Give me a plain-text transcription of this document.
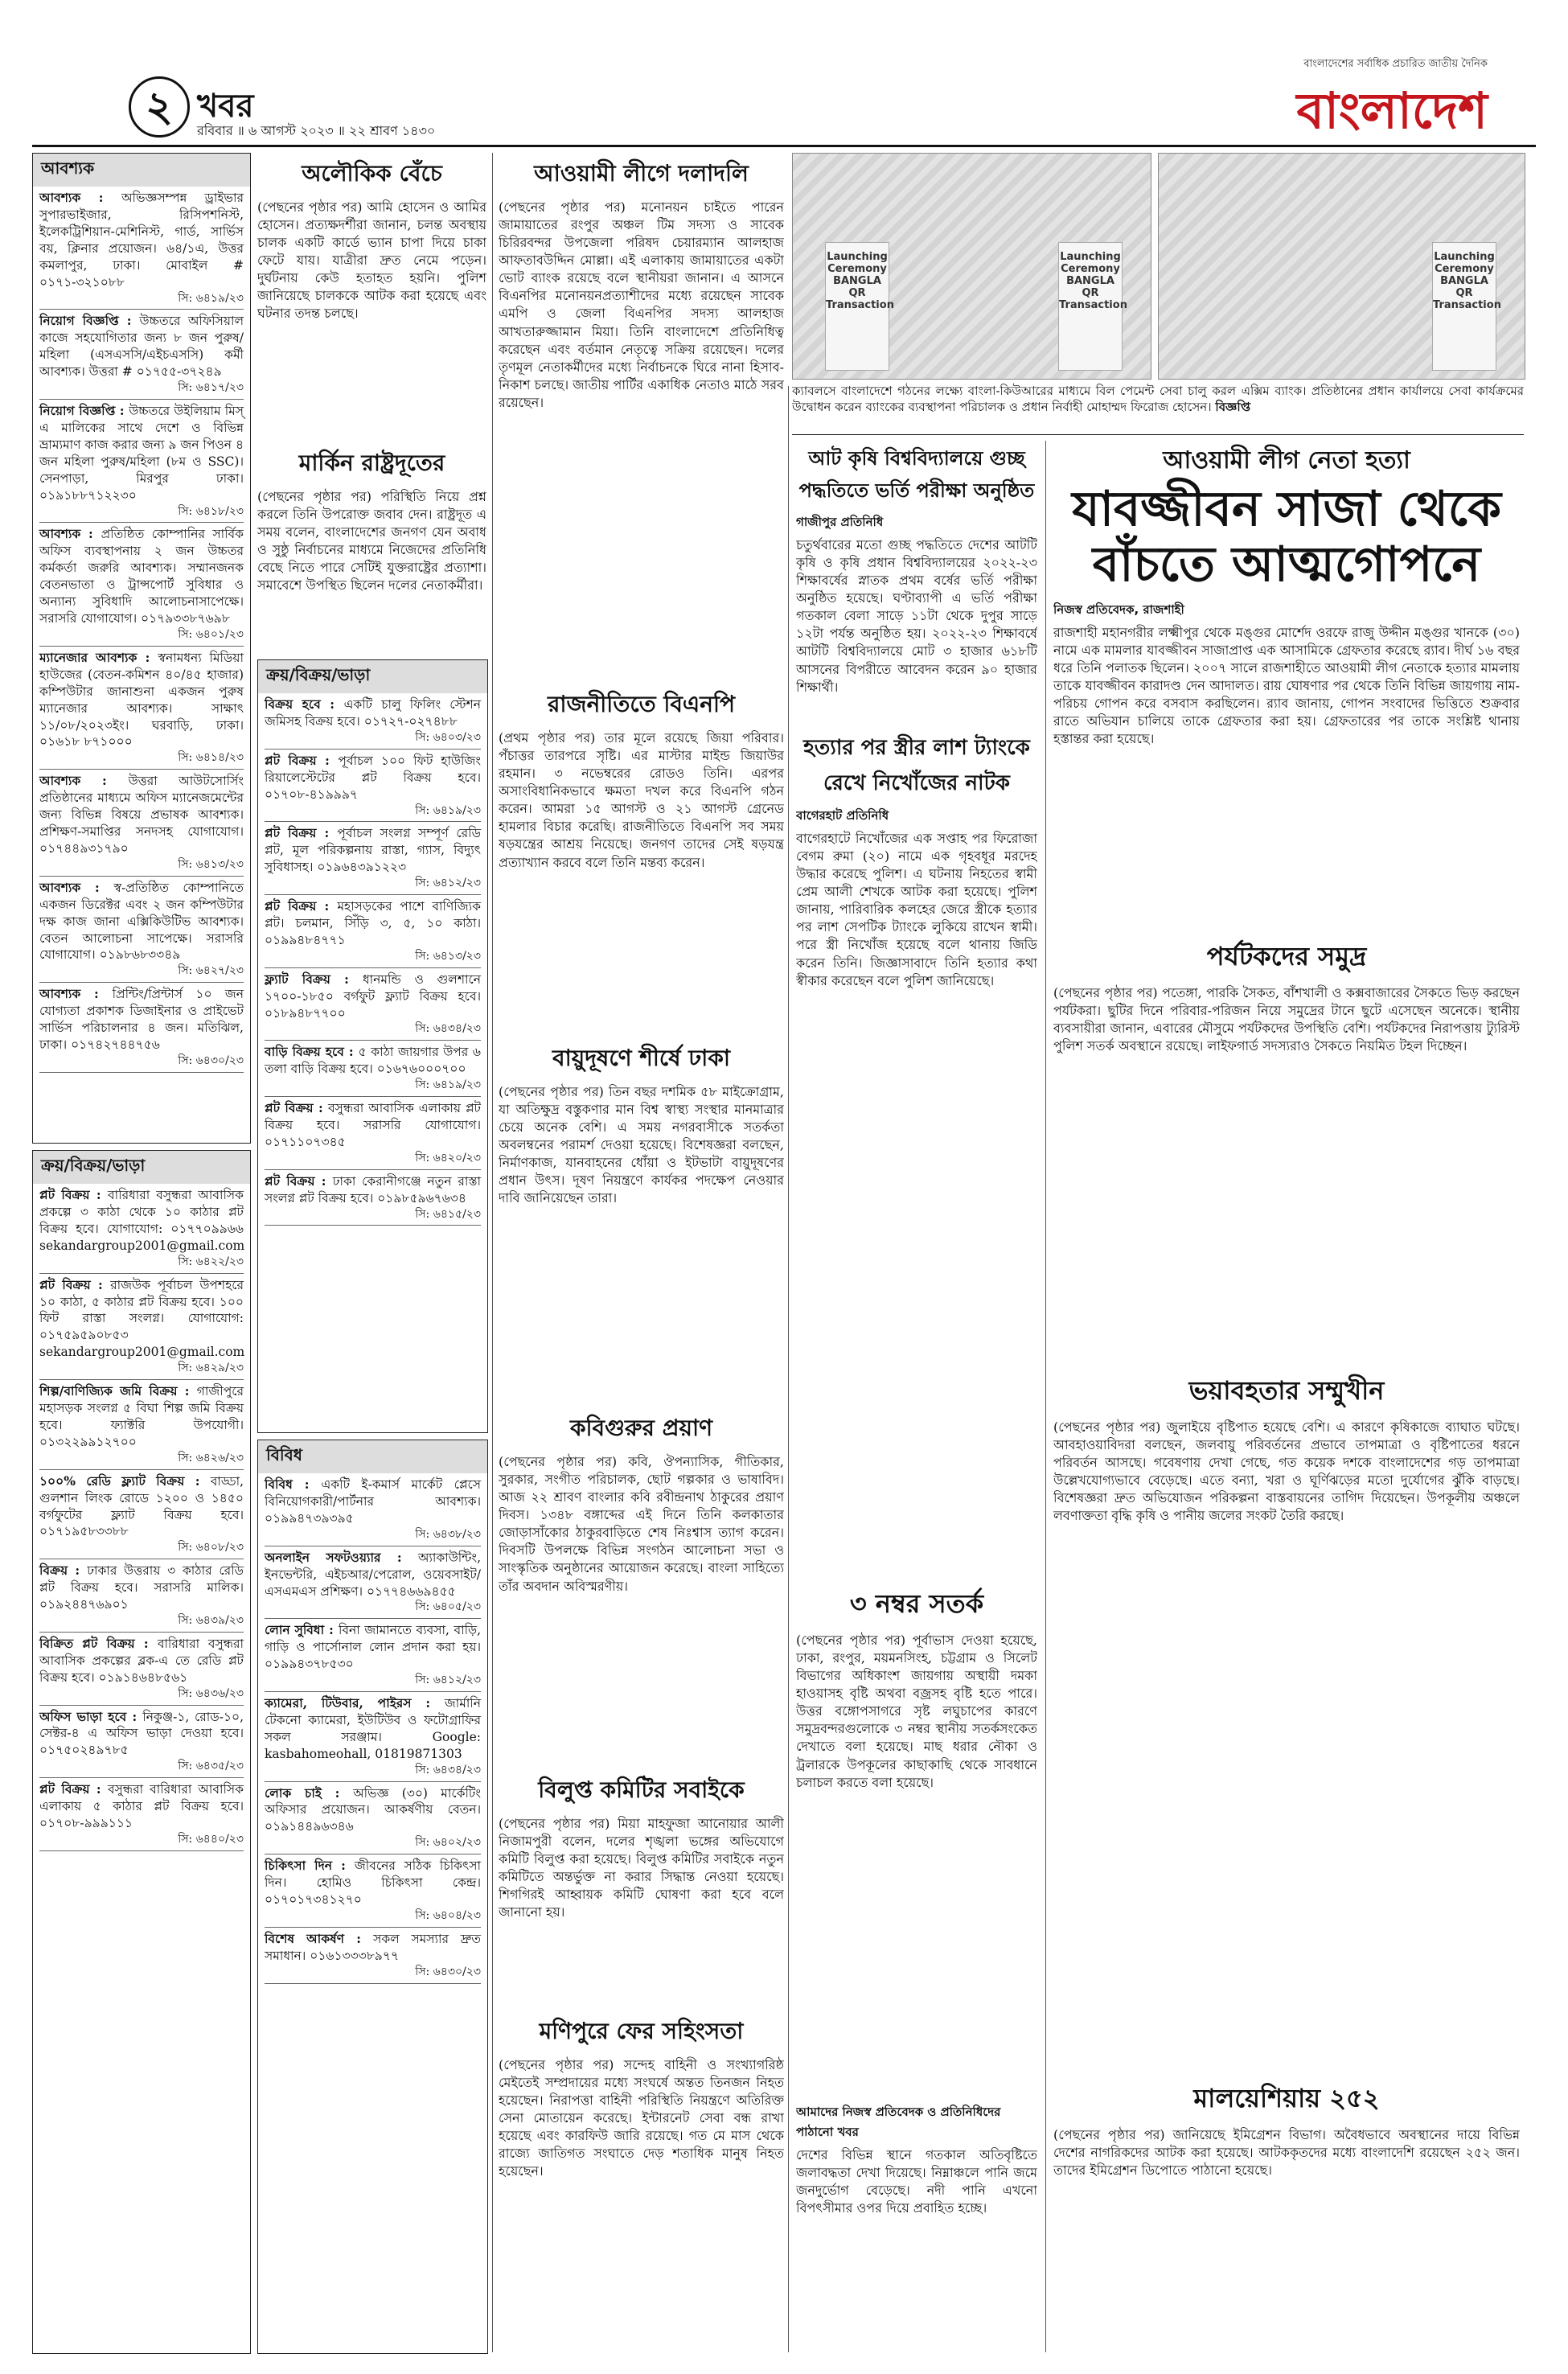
২ খবর
রবিবার ॥ ৬ আগস্ট ২০২৩ ॥ ২২ শ্রাবণ ১৪৩০
বাংলাদেশের সর্বাধিক প্রচারিত জাতীয় দৈনিক
বাংলাদেশ
আবশ্যক

আবশ্যক : অভিজ্ঞসম্পন্ন ড্রাইভার সুপারভাইজার, রিসিপশনিস্ট, ইলেকট্রিশিয়ান-মেশিনিস্ট, গার্ড, সার্ভিস বয়, ক্লিনার প্রয়োজন। ৬৪/১এ, উত্তর কমলাপুর, ঢাকা। মোবাইল # ০১৭১-৩২১০৮৮
সি: ৬৪১৯/২৩

নিয়োগ বিজ্ঞপ্তি : উচ্চতরে অফিসিয়াল কাজে সহযোগিতার জন্য ৮ জন পুরুষ/মহিলা (এসএসসি/এইচএসসি) কর্মী আবশ্যক। উত্তরা # ০১৭৫৫-৩৭২৪৯
সি: ৬৪১৭/২৩

নিয়োগ বিজ্ঞপ্তি : উচ্চতরে উইলিয়াম মিস্ এ মালিকের সাথে দেশে ও বিভিন্ন ভ্রাম্যমাণ কাজ করার জন্য ৯ জন পিওন ৪ জন মহিলা পুরুষ/মহিলা (৮ম ও SSC)। সেনপাড়া, মিরপুর ঢাকা। ০১৯১৮৮৭১২২৩০
সি: ৬৪১৮/২৩

আবশ্যক : প্রতিষ্ঠিত কোম্পানির সার্বিক অফিস ব্যবস্থাপনায় ২ জন উচ্চতর কর্মকর্তা জরুরি আবশ্যক। সম্মানজনক বেতনভাতা ও ট্রান্সপোর্ট সুবিধার ও অন্যান্য সুবিধাদি আলোচনাসাপেক্ষে। সরাসরি যোগাযোগ। ০১৭৯৩৩৮৭৬৯৮
সি: ৬৪০১/২৩

ম্যানেজার আবশ্যক : স্বনামধন্য মিডিয়া হাউজের (বেতন-কমিশন ৪০/৪৫ হাজার) কম্পিউটার জানাশুনা একজন পুরুষ ম্যানেজার আবশ্যক। সাক্ষাৎ ১১/০৮/২০২৩ইং। ঘরবাড়ি, ঢাকা। ০১৬১৮ ৮৭১০০০
সি: ৬৪১৪/২৩

আবশ্যক : উত্তরা আউটসোর্সিং প্রতিষ্ঠানের মাধ্যমে অফিস ম্যানেজমেন্টের জন্য বিভিন্ন বিষয়ে প্রভাষক আবশ্যক। প্রশিক্ষণ-সমাপ্তির সনদসহ যোগাযোগ। ০১৭৪৪৯৩১৭৯০
সি: ৬৪১৩/২৩

আবশ্যক : স্ব-প্রতিষ্ঠিত কোম্পানিতে একজন ডিরেক্টর এবং ২ জন কম্পিউটার দক্ষ কাজ জানা এক্সিকিউটিভ আবশ্যক। বেতন আলোচনা সাপেক্ষে। সরাসরি যোগাযোগ। ০১৯৮৬৮৩৩৪৯
সি: ৬৪২৭/২৩

আবশ্যক : প্রিন্টিং/প্রিন্টার্স ১০ জন যোগ্যতা প্রকাশক ডিজাইনার ও প্রাইভেট সার্ভিস পরিচালনার ৪ জন। মতিঝিল, ঢাকা। ০১৭৪২৭৪৪৭৫৬
সি: ৬৪৩০/২৩

ক্রয়/বিক্রয়/ভাড়া

প্লট বিক্রয় : বারিধারা বসুন্ধরা আবাসিক প্রকল্পে ৩ কাঠা থেকে ১০ কাঠার প্লট বিক্রয় হবে। যোগাযোগ: ০১৭৭০৯৯৬৬ sekandargroup2001@gmail.com
সি: ৬৪২২/২৩

প্লট বিক্রয় : রাজউক পূর্বাচল উপশহরে ১০ কাঠা, ৫ কাঠার প্লট বিক্রয় হবে। ১০০ ফিট রাস্তা সংলগ্ন। যোগাযোগ: ০১৭৫৯৫৯০৮৫৩ sekandargroup2001@gmail.com
সি: ৬৪২৯/২৩

শিল্প/বাণিজ্যিক জমি বিক্রয় : গাজীপুরে মহাসড়ক সংলগ্ন ৫ বিঘা শিল্প জমি বিক্রয় হবে। ফ্যাক্টরি উপযোগী। ০১৩২২৯৯১২৭০০
সি: ৬৪২৬/২৩

১০০% রেডি ফ্ল্যাট বিক্রয় : বাড্ডা, গুলশান লিংক রোডে ১২০০ ও ১৪৫০ বর্গফুটের ফ্ল্যাট বিক্রয় হবে। ০১৭১৯৫৮৩৩৮৮
সি: ৬৪০৮/২৩

বিক্রয় : ঢাকার উত্তরায় ৩ কাঠার রেডি প্লট বিক্রয় হবে। সরাসরি মালিক। ০১৯২৪৪৭৬৯০১
সি: ৬৪৩৯/২৩

বিক্রিত প্লট বিক্রয় : বারিধারা বসুন্ধরা আবাসিক প্রকল্পের ব্লক-এ তে রেডি প্লট বিক্রয় হবে। ০১৯১৪৬৪৮৫৬১
সি: ৬৪৩৬/২৩

অফিস ভাড়া হবে : নিকুঞ্জ-১, রোড-১০, সেক্টর-৪ এ অফিস ভাড়া দেওয়া হবে। ০১৭৫০২৪৯৭৮৫
সি: ৬৪৩৫/২৩

প্লট বিক্রয় : বসুন্ধরা বারিধারা আবাসিক এলাকায় ৫ কাঠার প্লট বিক্রয় হবে। ০১৭০৮-৯৯৯১১১
সি: ৬৪৪০/২৩

অলৌকিক বেঁচে
(পেছনের পৃষ্ঠার পর) আমি হোসেন ও আমির হোসেন। প্রত্যক্ষদর্শীরা জানান, চলন্ত অবস্থায় চালক একটি কার্ডে ভ্যান চাপা দিয়ে চাকা ফেটে যায়। যাত্রীরা দ্রুত নেমে পড়েন। দুর্ঘটনায় কেউ হতাহত হয়নি। পুলিশ জানিয়েছে চালককে আটক করা হয়েছে এবং ঘটনার তদন্ত চলছে।
মার্কিন রাষ্ট্রদূতের
(পেছনের পৃষ্ঠার পর) পরিস্থিতি নিয়ে প্রশ্ন করলে তিনি উপরোক্ত জবাব দেন। রাষ্ট্রদূত এ সময় বলেন, বাংলাদেশের জনগণ যেন অবাধ ও সুষ্ঠু নির্বাচনের মাধ্যমে নিজেদের প্রতিনিধি বেছে নিতে পারে সেটিই যুক্তরাষ্ট্রের প্রত্যাশা। সমাবেশে উপস্থিত ছিলেন দলের নেতাকর্মীরা।
ক্রয়/বিক্রয়/ভাড়া

বিক্রয় হবে : একটি চালু ফিলিং স্টেশন জমিসহ বিক্রয় হবে। ০১৭২৭-০২৭৪৮৮
সি: ৬৪০৩/২৩

প্লট বিক্রয় : পূর্বাচল ১০০ ফিট হাউজিং রিয়ালেস্টেটের প্লট বিক্রয় হবে। ০১৭০৮-৪১৯৯৯৭
সি: ৬৪১৯/২৩

প্লট বিক্রয় : পূর্বাচল সংলগ্ন সম্পূর্ণ রেডি প্লট, মূল পরিকল্পনায় রাস্তা, গ্যাস, বিদ্যুৎ সুবিধাসহ। ০১৯৬৪৩৯১২২৩
সি: ৬৪১২/২৩

প্লট বিক্রয় : মহাসড়কের পাশে বাণিজ্যিক প্লট। চলমান, সিঁড়ি ৩, ৫, ১০ কাঠা। ০১৯৯৪৮৪৭৭১
সি: ৬৪১৩/২৩

ফ্ল্যাট বিক্রয় : ধানমন্ডি ও গুলশানে ১৭০০-১৮৫০ বর্গফুট ফ্ল্যাট বিক্রয় হবে। ০১৮৯৪৮৭৭০০
সি: ৬৪৩৪/২৩

বাড়ি বিক্রয় হবে : ৫ কাঠা জায়গার উপর ৬ তলা বাড়ি বিক্রয় হবে। ০১৬৭৬০০০৭০০
সি: ৬৪১৯/২৩

প্লট বিক্রয় : বসুন্ধরা আবাসিক এলাকায় প্লট বিক্রয় হবে। সরাসরি যোগাযোগ। ০১৭১১০৭৩৪৫
সি: ৬৪২০/২৩

প্লট বিক্রয় : ঢাকা কেরানীগঞ্জে নতুন রাস্তা সংলগ্ন প্লট বিক্রয় হবে। ০১৯৮৫৯৬৭৬৩৪
সি: ৬৪১৫/২৩

বিবিধ

বিবিধ : একটি ই-কমার্স মার্কেট প্লেসে বিনিয়োগকারী/পার্টনার আবশ্যক। ০১৯৯৪৭৩৯৩৯৫
সি: ৬৪৩৮/২৩

অনলাইন সফটওয়্যার : অ্যাকাউন্টিং, ইনভেন্টরি, এইচআর/পেরোল, ওয়েবসাইট/এসএমএস প্রশিক্ষণ। ০১৭৭৪৬৬৯৪৫৫
সি: ৬৪০৫/২৩

লোন সুবিধা : বিনা জামানতে ব্যবসা, বাড়ি, গাড়ি ও পার্সোনাল লোন প্রদান করা হয়। ০১৯৯৪৩৭৮৫৩০
সি: ৬৪১২/২৩

ক্যামেরা, টিউবার, পাইরস : জার্মানি টেকনো ক্যামেরা, ইউটিউব ও ফটোগ্রাফির সকল সরঞ্জাম। Google: kasbahomeohall, 01819871303
সি: ৬৪৩৪/২৩

লোক চাই : অভিজ্ঞ (৩০) মার্কেটিং অফিসার প্রয়োজন। আকর্ষণীয় বেতন। ০১৯১৪৪৯৬৩৪৬
সি: ৬৪০২/২৩

চিকিৎসা দিন : জীবনের সঠিক চিকিৎসা দিন। হোমিও চিকিৎসা কেন্দ্র। ০১৭০১৭৩৪১২৭০
সি: ৬৪০৪/২৩

বিশেষ আকর্ষণ : সকল সমস্যার দ্রুত সমাধান। ০১৬১৩৩৩৮৯৭৭
সি: ৬৪৩০/২৩

আওয়ামী লীগে দলাদলি
(পেছনের পৃষ্ঠার পর) মনোনয়ন চাইতে পারেন জামায়াতের রংপুর অঞ্চল টিম সদস্য ও সাবেক চিরিরবন্দর উপজেলা পরিষদ চেয়ারম্যান আলহাজ আফতাবউদ্দিন মোল্লা। এই এলাকায় জামায়াতের একটা ভোট ব্যাংক রয়েছে বলে স্থানীয়রা জানান। এ আসনে বিএনপির মনোনয়নপ্রত্যাশীদের মধ্যে রয়েছেন সাবেক এমপি ও জেলা বিএনপির সদস্য আলহাজ আখতারুজ্জামান মিয়া। তিনি বাংলাদেশে প্রতিনিধিত্ব করেছেন এবং বর্তমান নেতৃত্বে সক্রিয় রয়েছেন। দলের তৃণমূল নেতাকর্মীদের মধ্যে নির্বাচনকে ঘিরে নানা হিসাব-নিকাশ চলছে। জাতীয় পার্টির একাধিক নেতাও মাঠে সরব রয়েছেন।
রাজনীতিতে বিএনপি
(প্রথম পৃষ্ঠার পর) তার মূলে রয়েছে জিয়া পরিবার। পঁচাত্তর তারপরে সৃষ্টি। এর মাস্টার মাইন্ড জিয়াউর রহমান। ৩ নভেম্বরের রোডও তিনি। এরপর অসাংবিধানিকভাবে ক্ষমতা দখল করে বিএনপি গঠন করেন। আমরা ১৫ আগস্ট ও ২১ আগস্ট গ্রেনেড হামলার বিচার করেছি। রাজনীতিতে বিএনপি সব সময় ষড়যন্ত্রের আশ্রয় নিয়েছে। জনগণ তাদের সেই ষড়যন্ত্র প্রত্যাখ্যান করবে বলে তিনি মন্তব্য করেন।
বায়ুদূষণে শীর্ষে ঢাকা
(পেছনের পৃষ্ঠার পর) তিন বছর দশমিক ৫৮ মাইক্রোগ্রাম, যা অতিক্ষুদ্র বস্তুকণার মান বিশ্ব স্বাস্থ্য সংস্থার মানমাত্রার চেয়ে অনেক বেশি। এ সময় নগরবাসীকে সতর্কতা অবলম্বনের পরামর্শ দেওয়া হয়েছে। বিশেষজ্ঞরা বলছেন, নির্মাণকাজ, যানবাহনের ধোঁয়া ও ইটভাটা বায়ুদূষণের প্রধান উৎস। দূষণ নিয়ন্ত্রণে কার্যকর পদক্ষেপ নেওয়ার দাবি জানিয়েছেন তারা।
কবিগুরুর প্রয়াণ
(পেছনের পৃষ্ঠার পর) কবি, ঔপন্যাসিক, গীতিকার, সুরকার, সংগীত পরিচালক, ছোট গল্পকার ও ভাষাবিদ। আজ ২২ শ্রাবণ বাংলার কবি রবীন্দ্রনাথ ঠাকুরের প্রয়াণ দিবস। ১৩৪৮ বঙ্গাব্দের এই দিনে তিনি কলকাতার জোড়াসাঁকোর ঠাকুরবাড়িতে শেষ নিঃশ্বাস ত্যাগ করেন। দিবসটি উপলক্ষে বিভিন্ন সংগঠন আলোচনা সভা ও সাংস্কৃতিক অনুষ্ঠানের আয়োজন করেছে। বাংলা সাহিত্যে তাঁর অবদান অবিস্মরণীয়।
বিলুপ্ত কমিটির সবাইকে
(পেছনের পৃষ্ঠার পর) মিয়া মাহফুজা আনোয়ার আলী নিজামপুরী বলেন, দলের শৃঙ্খলা ভঙ্গের অভিযোগে কমিটি বিলুপ্ত করা হয়েছে। বিলুপ্ত কমিটির সবাইকে নতুন কমিটিতে অন্তর্ভুক্ত না করার সিদ্ধান্ত নেওয়া হয়েছে। শিগগিরই আহ্বায়ক কমিটি ঘোষণা করা হবে বলে জানানো হয়।
মণিপুরে ফের সহিংসতা
(পেছনের পৃষ্ঠার পর) সন্দেহ বাহিনী ও সংখ্যাগরিষ্ঠ মেইতেই সম্প্রদায়ের মধ্যে সংঘর্ষে অন্তত তিনজন নিহত হয়েছেন। নিরাপত্তা বাহিনী পরিস্থিতি নিয়ন্ত্রণে অতিরিক্ত সেনা মোতায়েন করেছে। ইন্টারনেট সেবা বন্ধ রাখা হয়েছে এবং কারফিউ জারি রয়েছে। গত মে মাস থেকে রাজ্যে জাতিগত সংঘাতে দেড় শতাধিক মানুষ নিহত হয়েছেন।
Launching Ceremony BANGLA QR Transaction
Launching Ceremony BANGLA QR Transaction
Launching Ceremony BANGLA QR Transaction
ক্যাবলসে বাংলাদেশে গঠনের লক্ষ্যে বাংলা-কিউআরের মাধ্যমে বিল পেমেন্ট সেবা চালু করল এক্সিম ব্যাংক। প্রতিষ্ঠানের প্রধান কার্যালয়ে সেবা কার্যক্রমের উদ্বোধন করেন ব্যাংকের ব্যবস্থাপনা পরিচালক ও প্রধান নির্বাহী মোহাম্মদ ফিরোজ হোসেন। বিজ্ঞপ্তি
আট কৃষি বিশ্ববিদ্যালয়ে গুচ্ছ পদ্ধতিতে ভর্তি পরীক্ষা অনুষ্ঠিত
গাজীপুর প্রতিনিধি
চতুর্থবারের মতো গুচ্ছ পদ্ধতিতে দেশের আটটি কৃষি ও কৃষি প্রধান বিশ্ববিদ্যালয়ের ২০২২-২৩ শিক্ষাবর্ষের স্নাতক প্রথম বর্ষের ভর্তি পরীক্ষা অনুষ্ঠিত হয়েছে। ঘণ্টাব্যাপী এ ভর্তি পরীক্ষা গতকাল বেলা সাড়ে ১১টা থেকে দুপুর সাড়ে ১২টা পর্যন্ত অনুষ্ঠিত হয়। ২০২২-২৩ শিক্ষাবর্ষে আটটি বিশ্ববিদ্যালয়ে মোট ৩ হাজার ৬১৮টি আসনের বিপরীতে আবেদন করেন ৯০ হাজার শিক্ষার্থী।
হত্যার পর স্ত্রীর লাশ ট্যাংকে রেখে নিখোঁজের নাটক
বাগেরহাট প্রতিনিধি
বাগেরহাটে নিখোঁজের এক সপ্তাহ পর ফিরোজা বেগম রুমা (২০) নামে এক গৃহবধূর মরদেহ উদ্ধার করেছে পুলিশ। এ ঘটনায় নিহতের স্বামী প্রেম আলী শেখকে আটক করা হয়েছে। পুলিশ জানায়, পারিবারিক কলহের জেরে স্ত্রীকে হত্যার পর লাশ সেপটিক ট্যাংকে লুকিয়ে রাখেন স্বামী। পরে স্ত্রী নিখোঁজ হয়েছে বলে থানায় জিডি করেন তিনি। জিজ্ঞাসাবাদে তিনি হত্যার কথা স্বীকার করেছেন বলে পুলিশ জানিয়েছে।
৩ নম্বর সতর্ক
(পেছনের পৃষ্ঠার পর) পূর্বাভাস দেওয়া হয়েছে, ঢাকা, রংপুর, ময়মনসিংহ, চট্টগ্রাম ও সিলেট বিভাগের অধিকাংশ জায়গায় অস্থায়ী দমকা হাওয়াসহ বৃষ্টি অথবা বজ্রসহ বৃষ্টি হতে পারে। উত্তর বঙ্গোপসাগরে সৃষ্ট লঘুচাপের কারণে সমুদ্রবন্দরগুলোকে ৩ নম্বর স্থানীয় সতর্কসংকেত দেখাতে বলা হয়েছে। মাছ ধরার নৌকা ও ট্রলারকে উপকূলের কাছাকাছি থেকে সাবধানে চলাচল করতে বলা হয়েছে।
আমাদের নিজস্ব প্রতিবেদক ও প্রতিনিধিদের পাঠানো খবর
দেশের বিভিন্ন স্থানে গতকাল অতিবৃষ্টিতে জলাবদ্ধতা দেখা দিয়েছে। নিম্নাঞ্চলে পানি জমে জনদুর্ভোগ বেড়েছে। নদী পানি এখনো বিপৎসীমার ওপর দিয়ে প্রবাহিত হচ্ছে।
আওয়ামী লীগ নেতা হত্যা
যাবজ্জীবন সাজা থেকে বাঁচতে আত্মগোপনে
নিজস্ব প্রতিবেদক, রাজশাহী
রাজশাহী মহানগরীর লক্ষ্মীপুর থেকে মঙ্গুর মোর্শেদ ওরফে রাজু উদ্দীন মঙ্গুর খানকে (৩০) নামে এক মামলার যাবজ্জীবন সাজাপ্রাপ্ত এক আসামিকে গ্রেফতার করেছে র‌্যাব। দীর্ঘ ১৬ বছর ধরে তিনি পলাতক ছিলেন। ২০০৭ সালে রাজশাহীতে আওয়ামী লীগ নেতাকে হত্যার মামলায় তাকে যাবজ্জীবন কারাদণ্ড দেন আদালত। রায় ঘোষণার পর থেকে তিনি বিভিন্ন জায়গায় নাম-পরিচয় গোপন করে বসবাস করছিলেন। র‌্যাব জানায়, গোপন সংবাদের ভিত্তিতে শুক্রবার রাতে অভিযান চালিয়ে তাকে গ্রেফতার করা হয়। গ্রেফতারের পর তাকে সংশ্লিষ্ট থানায় হস্তান্তর করা হয়েছে।
পর্যটকদের সমুদ্র
(পেছনের পৃষ্ঠার পর) পতেঙ্গা, পারকি সৈকত, বাঁশখালী ও কক্সবাজারের সৈকতে ভিড় করছেন পর্যটকরা। ছুটির দিনে পরিবার-পরিজন নিয়ে সমুদ্রের টানে ছুটে এসেছেন অনেকে। স্থানীয় ব্যবসায়ীরা জানান, এবারের মৌসুমে পর্যটকদের উপস্থিতি বেশি। পর্যটকদের নিরাপত্তায় ট্যুরিস্ট পুলিশ সতর্ক অবস্থানে রয়েছে। লাইফগার্ড সদস্যরাও সৈকতে নিয়মিত টহল দিচ্ছেন।
ভয়াবহতার সম্মুখীন
(পেছনের পৃষ্ঠার পর) জুলাইয়ে বৃষ্টিপাত হয়েছে বেশি। এ কারণে কৃষিকাজে ব্যাঘাত ঘটছে। আবহাওয়াবিদরা বলছেন, জলবায়ু পরিবর্তনের প্রভাবে তাপমাত্রা ও বৃষ্টিপাতের ধরনে পরিবর্তন আসছে। গবেষণায় দেখা গেছে, গত কয়েক দশকে বাংলাদেশের গড় তাপমাত্রা উল্লেখযোগ্যভাবে বেড়েছে। এতে বন্যা, খরা ও ঘূর্ণিঝড়ের মতো দুর্যোগের ঝুঁকি বাড়ছে। বিশেষজ্ঞরা দ্রুত অভিযোজন পরিকল্পনা বাস্তবায়নের তাগিদ দিয়েছেন। উপকূলীয় অঞ্চলে লবণাক্ততা বৃদ্ধি কৃষি ও পানীয় জলের সংকট তৈরি করছে।
মালয়েশিয়ায় ২৫২
(পেছনের পৃষ্ঠার পর) জানিয়েছে ইমিগ্রেশন বিভাগ। অবৈধভাবে অবস্থানের দায়ে বিভিন্ন দেশের নাগরিকদের আটক করা হয়েছে। আটককৃতদের মধ্যে বাংলাদেশি রয়েছেন ২৫২ জন। তাদের ইমিগ্রেশন ডিপোতে পাঠানো হয়েছে।
